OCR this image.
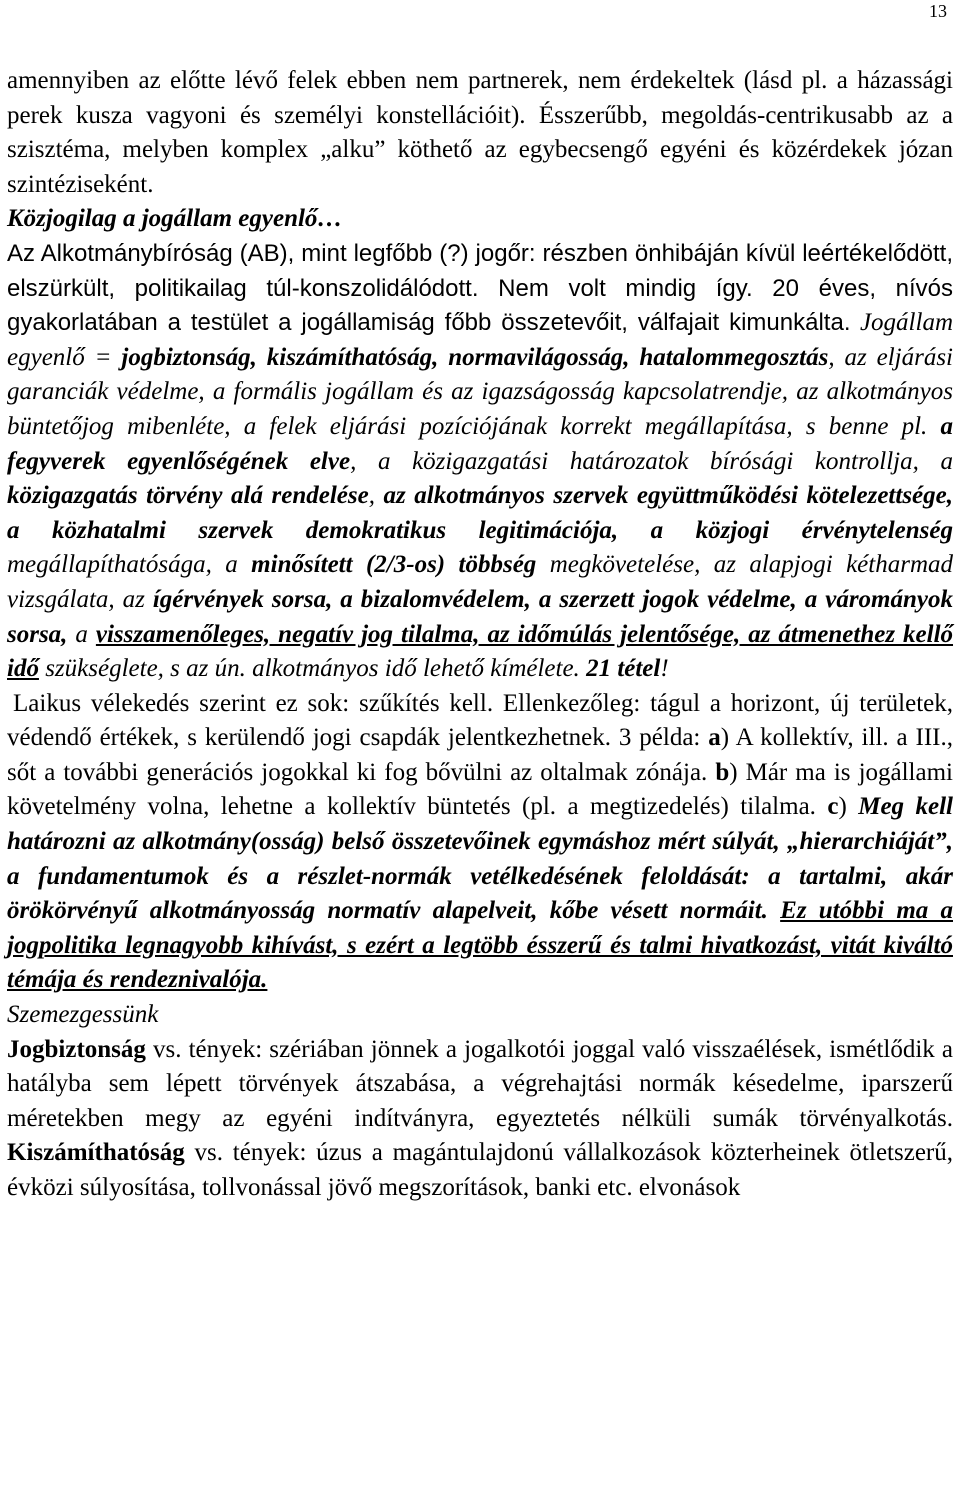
13

amennyiben az előtte lévő felek ebben nem partnerek, nem érdekeltek (lásd pl. a házassági perek kusza vagyoni és személyi konstellációit). Ésszerűbb, megoldás-centrikusabb az a szisztéma, melyben komplex „alku” köthető az egybecsengő egyéni és közérdekek józan szintéziseként.

Közjogilag a jogállam egyenlő…

Az Alkotmánybíróság (AB), mint legfőbb (?) jogőr: részben önhibáján kívül leértékelődött, elszürkült, politikailag túl-konszolidálódott. Nem volt mindig így. 20 éves, nívós gyakorlatában a testület a jogállamiság főbb összetevőit, válfajait kimunkálta. Jogállam egyenlő = jogbiztonság, kiszámíthatóság, normavilágosság, hatalommegosztás, az eljárási garanciák védelme, a formális jogállam és az igazságosság kapcsolatrendje, az alkotmányos büntetőjog mibenléte, a felek eljárási pozíciójának korrekt megállapítása, s benne pl. a fegyverek egyenlőségének elve, a közigazgatási határozatok bírósági kontrollja, a közigazgatás törvény alá rendelése, az alkotmányos szervek együttműködési kötelezettsége, a közhatalmi szervek demokratikus legitimációja, a közjogi érvénytelenség megállapíthatósága, a minősített (2/3-os) többség megkövetelése, az alapjogi kétharmad vizsgálata, az ígérvények sorsa, a bizalomvédelem, a szerzett jogok védelme, a várományok sorsa, a visszamenőleges, negatív jog tilalma, az időmúlás jelentősége, az átmenethez kellő idő szükséglete, s az ún. alkotmányos idő lehető kímélete. 21 tétel!

Laikus vélekedés szerint ez sok: szűkítés kell. Ellenkezőleg: tágul a horizont, új területek, védendő értékek, s kerülendő jogi csapdák jelentkezhetnek. 3 példa: a) A kollektív, ill. a III., sőt a további generációs jogokkal ki fog bővülni az oltalmak zónája. b) Már ma is jogállami követelmény volna, lehetne a kollektív büntetés (pl. a megtizedelés) tilalma. c) Meg kell határozni az alkotmány(osság) belső összetevőinek egymáshoz mért súlyát, „hierarchiáját”, a fundamentumok és a részlet-normák vetélkedésének feloldását: a tartalmi, akár örökörvényű alkotmányosság normatív alapelveit, kőbe vésett normáit. Ez utóbbi ma a jogpolitika legnagyobb kihívást, s ezért a legtöbb ésszerű és talmi hivatkozást, vitát kiváltó témája és rendeznivalója.

Szemezgessünk

Jogbiztonság vs. tények: szériában jönnek a jogalkotói joggal való visszaélések, ismétlődik a hatályba sem lépett törvények átszabása, a végrehajtási normák késedelme, iparszerű méretekben megy az egyéni indítványra, egyeztetés nélküli sumák törvényalkotás. Kiszámíthatóság vs. tények: úzus a magántulajdonú vállalkozások közterheinek ötletszerű, évközi súlyosítása, tollvonással jövő megszorítások, banki etc. elvonások
